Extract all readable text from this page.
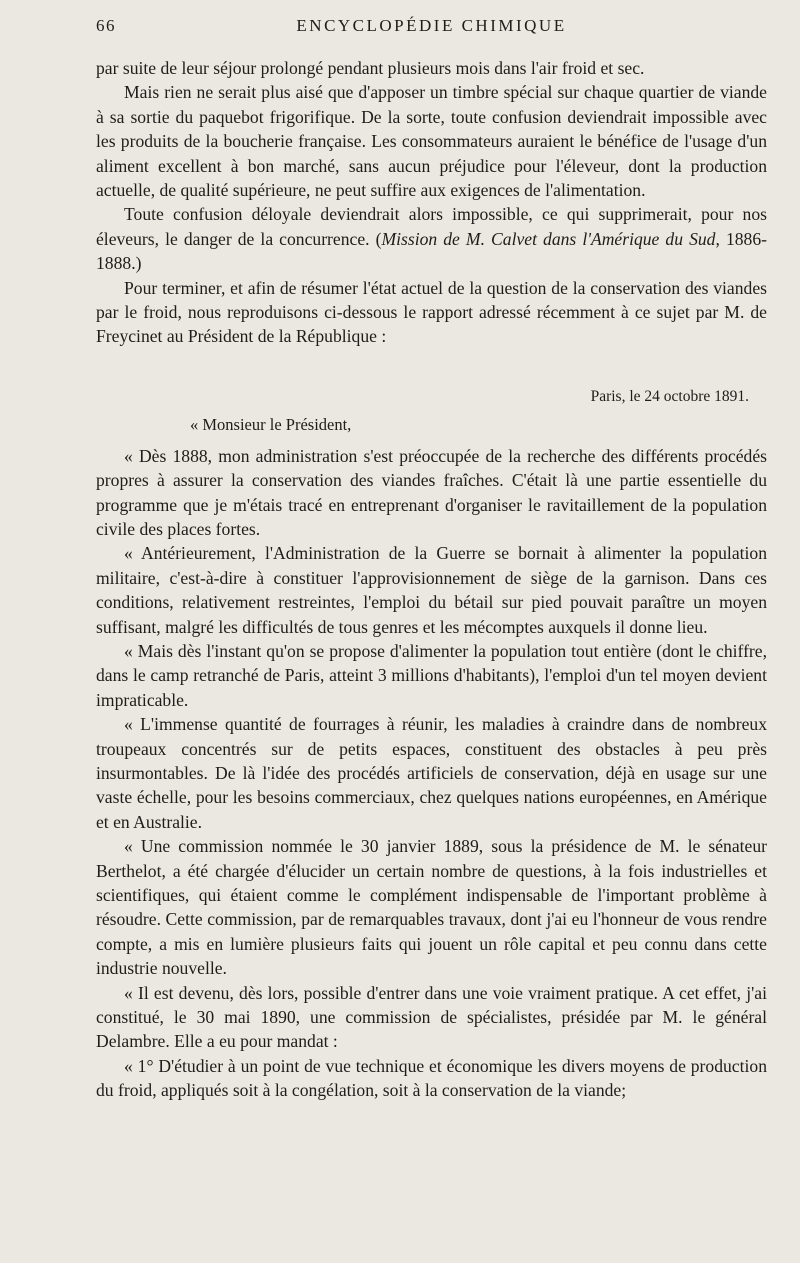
66	ENCYCLOPÉDIE CHIMIQUE

par suite de leur séjour prolongé pendant plusieurs mois dans l'air froid et sec.

Mais rien ne serait plus aisé que d'apposer un timbre spécial sur chaque quartier de viande à sa sortie du paquebot frigorifique. De la sorte, toute confusion deviendrait impossible avec les produits de la boucherie française. Les consommateurs auraient le bénéfice de l'usage d'un aliment excellent à bon marché, sans aucun préjudice pour l'éleveur, dont la production actuelle, de qualité supérieure, ne peut suffire aux exigences de l'alimentation.

Toute confusion déloyale deviendrait alors impossible, ce qui supprimerait, pour nos éleveurs, le danger de la concurrence. (Mission de M. Calvet dans l'Amérique du Sud, 1886-1888.)

Pour terminer, et afin de résumer l'état actuel de la question de la conservation des viandes par le froid, nous reproduisons ci-dessous le rapport adressé récemment à ce sujet par M. de Freycinet au Président de la République :

Paris, le 24 octobre 1891.

« Monsieur le Président,

« Dès 1888, mon administration s'est préoccupée de la recherche des différents procédés propres à assurer la conservation des viandes fraîches. C'était là une partie essentielle du programme que je m'étais tracé en entreprenant d'organiser le ravitaillement de la population civile des places fortes.

« Antérieurement, l'Administration de la Guerre se bornait à alimenter la population militaire, c'est-à-dire à constituer l'approvisionnement de siège de la garnison. Dans ces conditions, relativement restreintes, l'emploi du bétail sur pied pouvait paraître un moyen suffisant, malgré les difficultés de tous genres et les mécomptes auxquels il donne lieu.

« Mais dès l'instant qu'on se propose d'alimenter la population tout entière (dont le chiffre, dans le camp retranché de Paris, atteint 3 millions d'habitants), l'emploi d'un tel moyen devient impraticable.

« L'immense quantité de fourrages à réunir, les maladies à craindre dans de nombreux troupeaux concentrés sur de petits espaces, constituent des obstacles à peu près insurmontables. De là l'idée des procédés artificiels de conservation, déjà en usage sur une vaste échelle, pour les besoins commerciaux, chez quelques nations européennes, en Amérique et en Australie.

« Une commission nommée le 30 janvier 1889, sous la présidence de M. le sénateur Berthelot, a été chargée d'élucider un certain nombre de questions, à la fois industrielles et scientifiques, qui étaient comme le complément indispensable de l'important problème à résoudre. Cette commission, par de remarquables travaux, dont j'ai eu l'honneur de vous rendre compte, a mis en lumière plusieurs faits qui jouent un rôle capital et peu connu dans cette industrie nouvelle.

« Il est devenu, dès lors, possible d'entrer dans une voie vraiment pratique. A cet effet, j'ai constitué, le 30 mai 1890, une commission de spécialistes, présidée par M. le général Delambre. Elle a eu pour mandat :

« 1° D'étudier à un point de vue technique et économique les divers moyens de production du froid, appliqués soit à la congélation, soit à la conservation de la viande;
